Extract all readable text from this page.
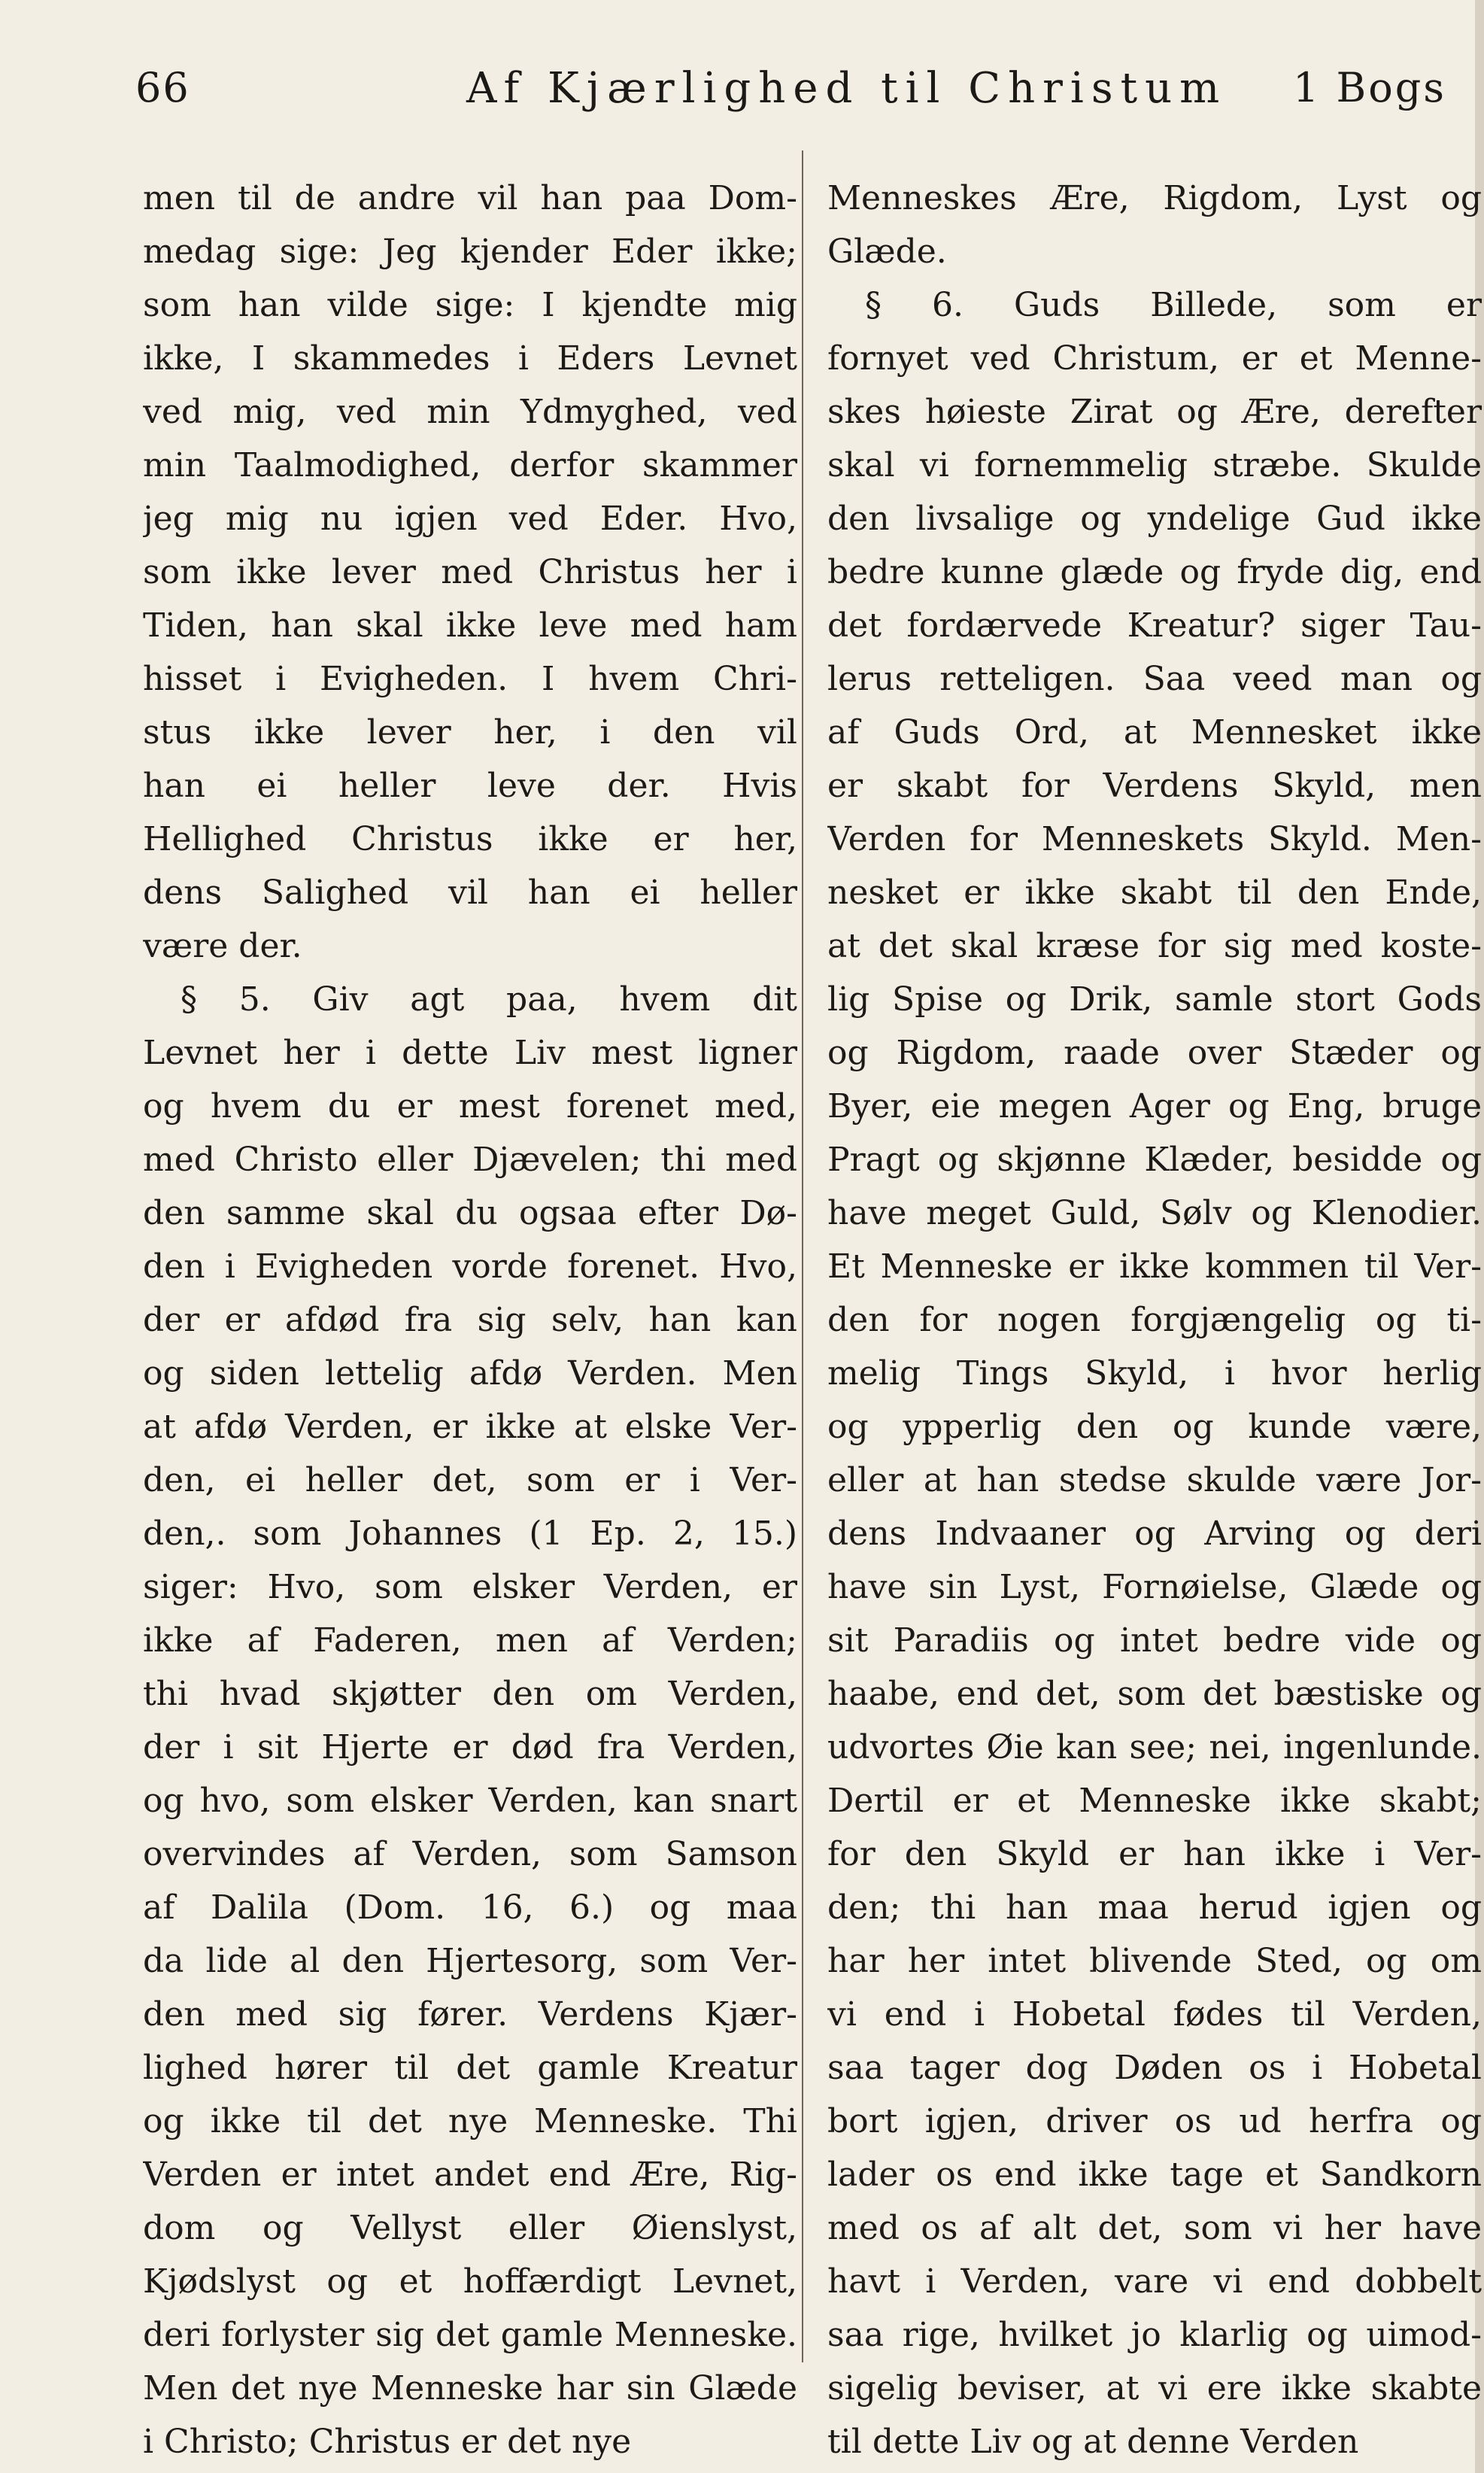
66	Af Kjærlighed til Christum 1 Bogs
men til de andre vil han paa Dom-
medag sige: Jeg kjender Eder ikke;
som han vilde sige: I kjendte mig
ikke, I skammedes i Eders Levnet
ved mig, ved min Ydmyghed, ved
min Taalmodighed, derfor skammer
jeg mig nu igjen ved Eder. Hvo,
som ikke lever med Christus her i
Tiden, han skal ikke leve med ham
hisset i Evigheden. I hvem Chri-
stus ikke lever her, i den vil
han ei heller leve der. Hvis
Hellighed Christus ikke er her,
dens Salighed vil han ei heller
være der.
§ 5. Giv agt paa, hvem dit
Levnet her i dette Liv mest ligner
og hvem du er mest forenet med,
med Christo eller Djævelen; thi med
den samme skal du ogsaa efter Dø-
den i Evigheden vorde forenet. Hvo,
der er afdød fra sig selv, han kan
og siden lettelig afdø Verden. Men
at afdø Verden, er ikke at elske Ver-
den, ei heller det, som er i Ver-
den,. som Johannes (1 Ep. 2, 15.)
siger: Hvo, som elsker Verden, er
ikke af Faderen, men af Verden;
thi hvad skjøtter den om Verden,
der i sit Hjerte er død fra Verden,
og hvo, som elsker Verden, kan snart
overvindes af Verden, som Samson
af Dalila (Dom. 16, 6.) og maa
da lide al den Hjertesorg, som Ver-
den med sig fører. Verdens Kjær-
lighed hører til det gamle Kreatur
og ikke til det nye Menneske. Thi
Verden er intet andet end Ære, Rig-
dom og Vellyst eller Øienslyst,
Kjødslyst og et hoffærdigt Levnet,
deri forlyster sig det gamle Menneske.
Men det nye Menneske har sin Glæde
i Christo; Christus er det nye
Menneskes Ære, Rigdom, Lyst og
Glæde.
§ 6. Guds Billede, som er
fornyet ved Christum, er et Menne-
skes høieste Zirat og Ære, derefter
skal vi fornemmelig stræbe. Skulde
den livsalige og yndelige Gud ikke
bedre kunne glæde og fryde dig, end
det fordærvede Kreatur? siger Tau-
lerus retteligen. Saa veed man og
af Guds Ord, at Mennesket ikke
er skabt for Verdens Skyld, men
Verden for Menneskets Skyld. Men-
nesket er ikke skabt til den Ende,
at det skal kræse for sig med koste-
lig Spise og Drik, samle stort Gods
og Rigdom, raade over Stæder og
Byer, eie megen Ager og Eng, bruge
Pragt og skjønne Klæder, besidde og
have meget Guld, Sølv og Klenodier.
Et Menneske er ikke kommen til Ver-
den for nogen forgjængelig og ti-
melig Tings Skyld, i hvor herlig
og ypperlig den og kunde være,
eller at han stedse skulde være Jor-
dens Indvaaner og Arving og deri
have sin Lyst, Fornøielse, Glæde og
sit Paradiis og intet bedre vide og
haabe, end det, som det bæstiske og
udvortes Øie kan see; nei, ingenlunde.
Dertil er et Menneske ikke skabt;
for den Skyld er han ikke i Ver-
den; thi han maa herud igjen og
har her intet blivende Sted, og om
vi end i Hobetal fødes til Verden,
saa tager dog Døden os i Hobetal
bort igjen, driver os ud herfra og
lader os end ikke tage et Sandkorn
med os af alt det, som vi her have
havt i Verden, vare vi end dobbelt
saa rige, hvilket jo klarlig og uimod-
sigelig beviser, at vi ere ikke skabte
til dette Liv og at denne Verden
